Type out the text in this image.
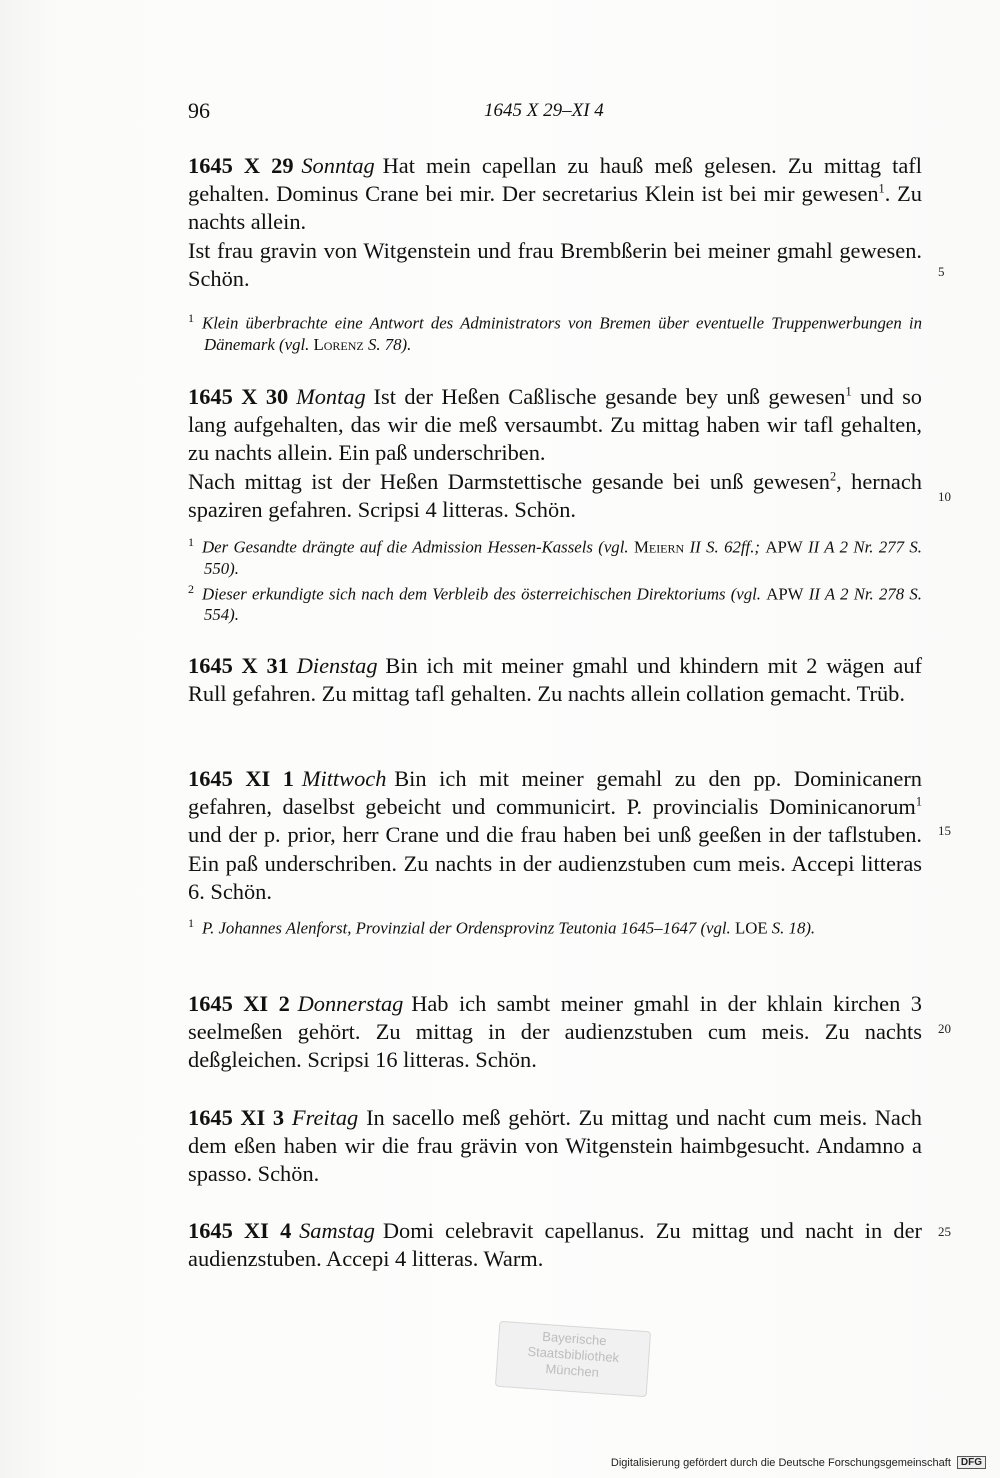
96	1645 X 29–XI 4

1645 X 29 Sonntag Hat mein capellan zu hauß meß gelesen. Zu mittag tafl gehalten. Dominus Crane bei mir. Der secretarius Klein ist bei mir gewesen$^1$. Zu nachts allein.

Ist frau gravin von Witgenstein und frau Brembßerin bei meiner gmahl gewesen. Schön.

$^1$ Klein überbrachte eine Antwort des Administrators von Bremen über eventuelle Truppenwerbungen in Dänemark (vgl. Lorenz S. 78).

1645 X 30 Montag Ist der Heßen Caßlische gesande bey unß gewesen$^1$ und so lang aufgehalten, das wir die meß versaumbt. Zu mittag haben wir tafl gehalten, zu nachts allein. Ein paß underschriben.

Nach mittag ist der Heßen Darmstettische gesande bei unß gewesen$^2$, hernach spaziren gefahren. Scripsi 4 litteras. Schön.

$^1$ Der Gesandte drängte auf die Admission Hessen-Kassels (vgl. Meiern II S. 62ff.; APW II A 2 Nr. 277 S. 550).

$^2$ Dieser erkundigte sich nach dem Verbleib des österreichischen Direktoriums (vgl. APW II A 2 Nr. 278 S. 554).

1645 X 31 Dienstag Bin ich mit meiner gmahl und khindern mit 2 wägen auf Rull gefahren. Zu mittag tafl gehalten. Zu nachts allein collation gemacht. Trüb.

1645 XI 1 Mittwoch Bin ich mit meiner gemahl zu den pp. Dominicanern gefahren, daselbst gebeicht und communicirt. P. provincialis Dominicanorum$^1$ und der p. prior, herr Crane und die frau haben bei unß geeßen in der taflstuben. Ein paß underschriben. Zu nachts in der audienzstuben cum meis. Accepi litteras 6. Schön.

$^1$ P. Johannes Alenforst, Provinzial der Ordensprovinz Teutonia 1645–1647 (vgl. LOE S. 18).

1645 XI 2 Donnerstag Hab ich sambt meiner gmahl in der khlain kirchen 3 seelmeßen gehört. Zu mittag in der audienzstuben cum meis. Zu nachts deßgleichen. Scripsi 16 litteras. Schön.

1645 XI 3 Freitag In sacello meß gehört. Zu mittag und nacht cum meis. Nach dem eßen haben wir die frau grävin von Witgenstein haimbgesucht. Andamno a spasso. Schön.

1645 XI 4 Samstag Domi celebravit capellanus. Zu mittag und nacht in der audienzstuben. Accepi 4 litteras. Warm.

5
10
15
20
25
Bayerische
Staatsbibliothek
München
Digitalisierung gefördert durch die Deutsche Forschungsgemeinschaft	DFG
